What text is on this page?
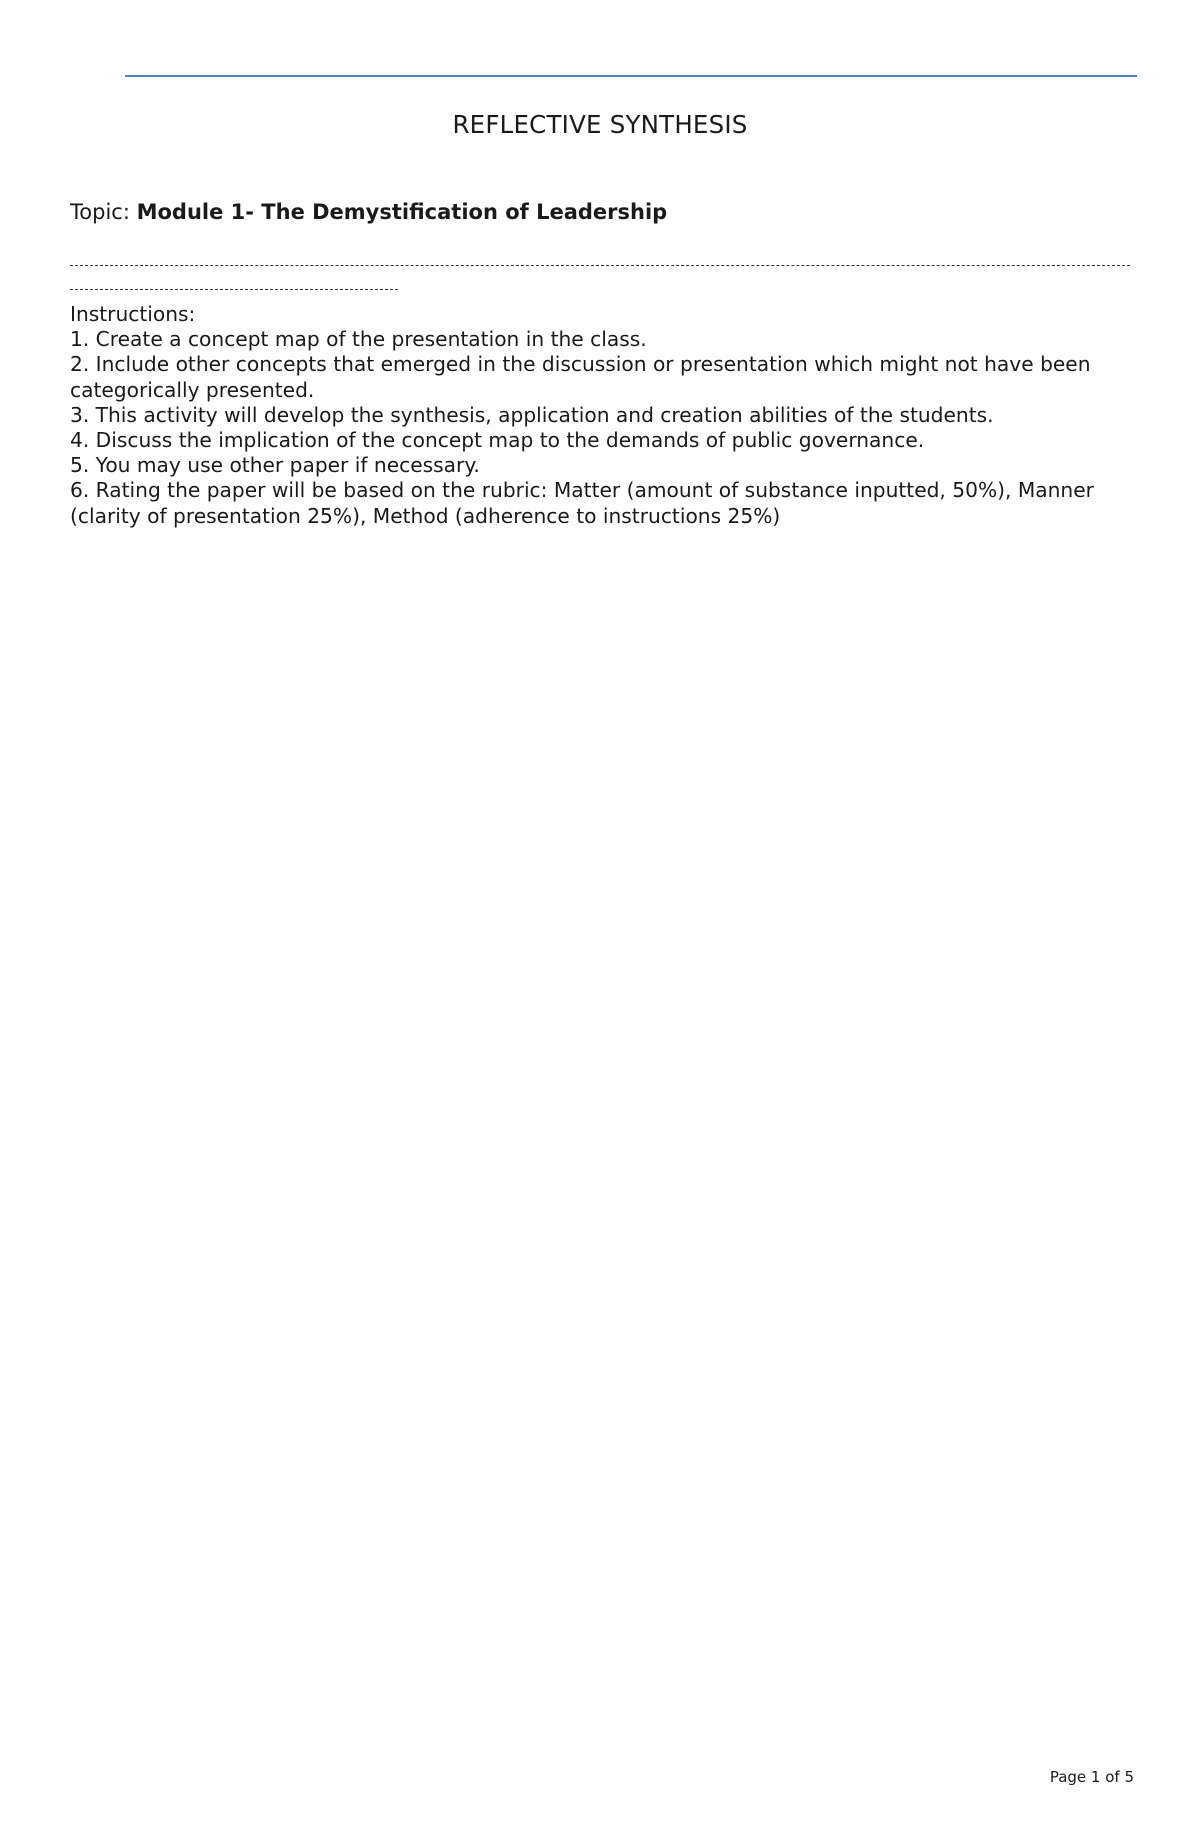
REFLECTIVE SYNTHESIS
Topic: Module 1- The Demystification of Leadership
Instructions:
1. Create a concept map of the presentation in the class.
2. Include other concepts that emerged in the discussion or presentation which might not have been categorically presented.
3. This activity will develop the synthesis, application and creation abilities of the students.
4. Discuss the implication of the concept map to the demands of public governance.
5. You may use other paper if necessary.
6. Rating the paper will be based on the rubric: Matter (amount of substance inputted, 50%), Manner (clarity of presentation 25%), Method (adherence to instructions 25%)
Page 1 of 5
